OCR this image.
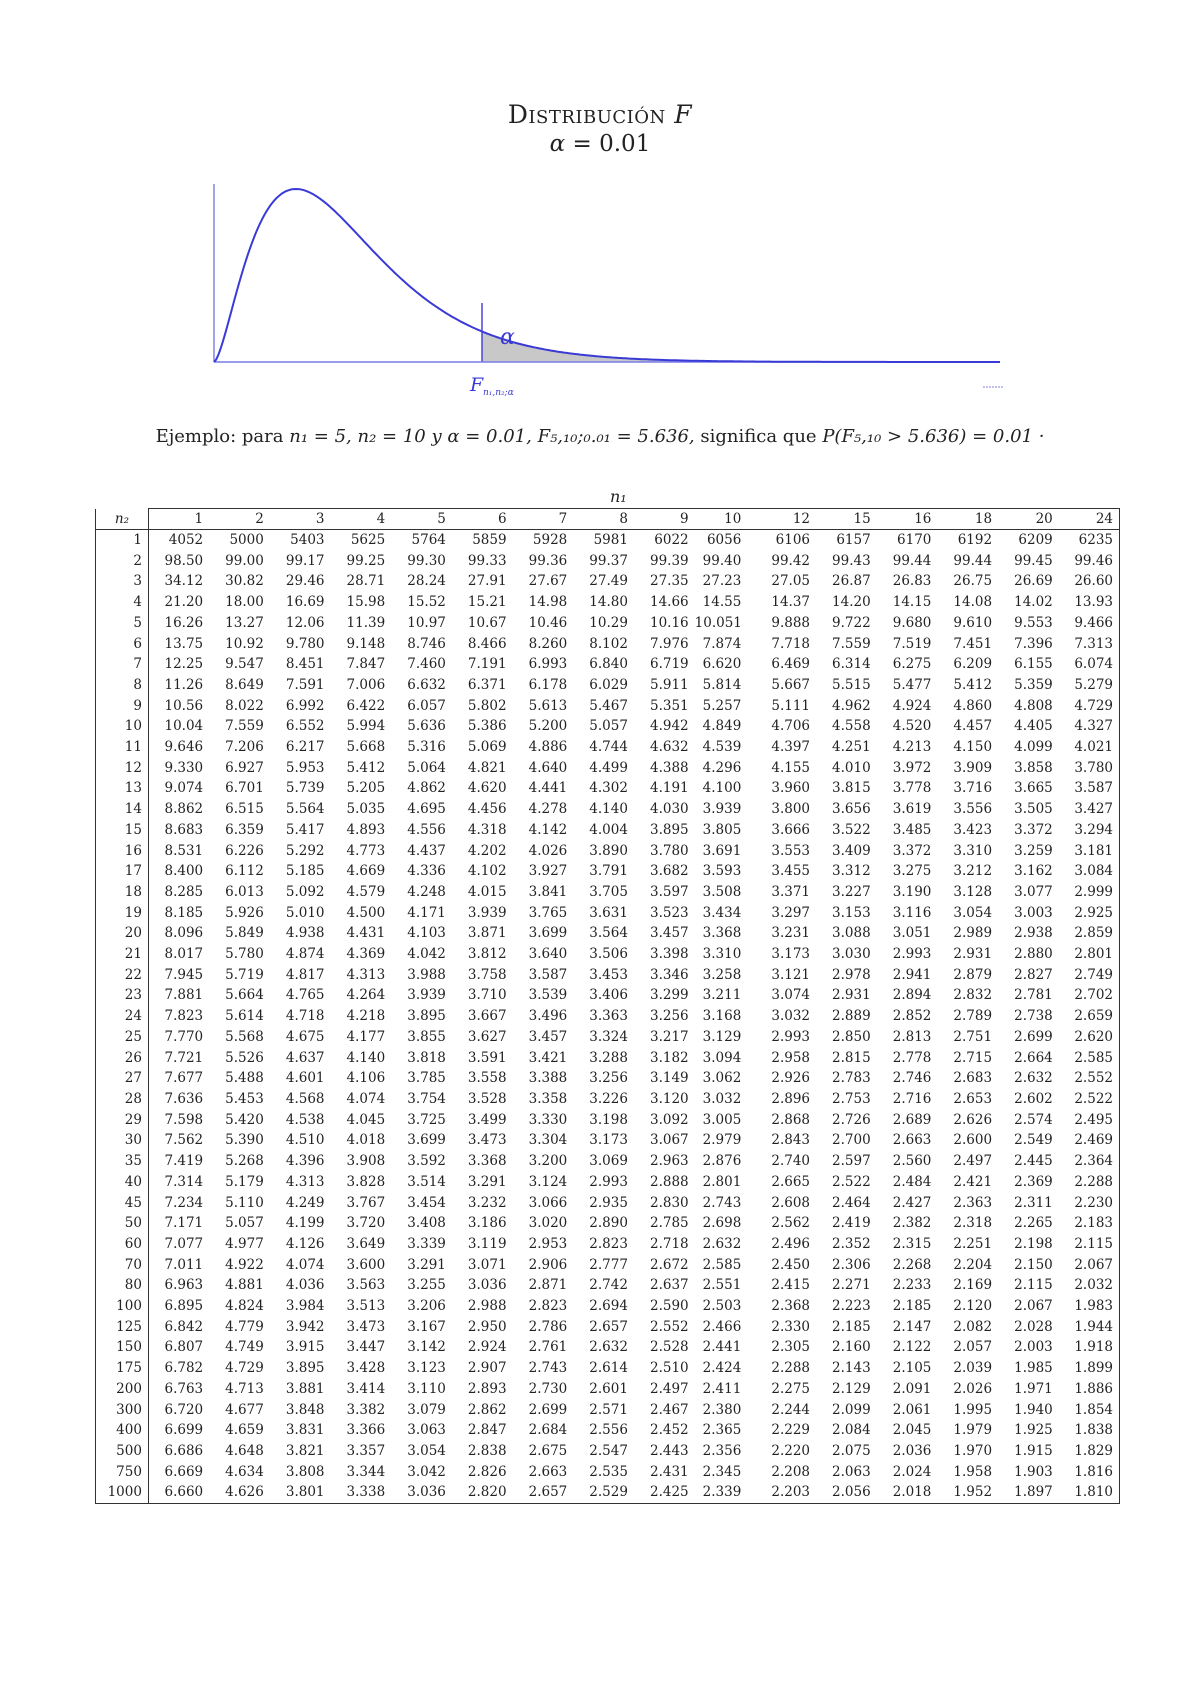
Distribución F
α = 0.01
α
F n₁,n₂;α
Ejemplo: para n₁ = 5, n₂ = 10 y α = 0.01, F₅,₁₀;₀.₀₁ = 5.636, significa que P(F₅,₁₀ > 5.636) = 0.01 ·
n₁
n₂	1	2	3	4	5	6	7	8	9	10	12	15	16	18	20	24
1	4052	5000	5403	5625	5764	5859	5928	5981	6022	6056	6106	6157	6170	6192	6209	6235
2	98.50	99.00	99.17	99.25	99.30	99.33	99.36	99.37	99.39	99.40	99.42	99.43	99.44	99.44	99.45	99.46
3	34.12	30.82	29.46	28.71	28.24	27.91	27.67	27.49	27.35	27.23	27.05	26.87	26.83	26.75	26.69	26.60
4	21.20	18.00	16.69	15.98	15.52	15.21	14.98	14.80	14.66	14.55	14.37	14.20	14.15	14.08	14.02	13.93
5	16.26	13.27	12.06	11.39	10.97	10.67	10.46	10.29	10.16	10.051	9.888	9.722	9.680	9.610	9.553	9.466
6	13.75	10.92	9.780	9.148	8.746	8.466	8.260	8.102	7.976	7.874	7.718	7.559	7.519	7.451	7.396	7.313
7	12.25	9.547	8.451	7.847	7.460	7.191	6.993	6.840	6.719	6.620	6.469	6.314	6.275	6.209	6.155	6.074
8	11.26	8.649	7.591	7.006	6.632	6.371	6.178	6.029	5.911	5.814	5.667	5.515	5.477	5.412	5.359	5.279
9	10.56	8.022	6.992	6.422	6.057	5.802	5.613	5.467	5.351	5.257	5.111	4.962	4.924	4.860	4.808	4.729
10	10.04	7.559	6.552	5.994	5.636	5.386	5.200	5.057	4.942	4.849	4.706	4.558	4.520	4.457	4.405	4.327
11	9.646	7.206	6.217	5.668	5.316	5.069	4.886	4.744	4.632	4.539	4.397	4.251	4.213	4.150	4.099	4.021
12	9.330	6.927	5.953	5.412	5.064	4.821	4.640	4.499	4.388	4.296	4.155	4.010	3.972	3.909	3.858	3.780
13	9.074	6.701	5.739	5.205	4.862	4.620	4.441	4.302	4.191	4.100	3.960	3.815	3.778	3.716	3.665	3.587
14	8.862	6.515	5.564	5.035	4.695	4.456	4.278	4.140	4.030	3.939	3.800	3.656	3.619	3.556	3.505	3.427
15	8.683	6.359	5.417	4.893	4.556	4.318	4.142	4.004	3.895	3.805	3.666	3.522	3.485	3.423	3.372	3.294
16	8.531	6.226	5.292	4.773	4.437	4.202	4.026	3.890	3.780	3.691	3.553	3.409	3.372	3.310	3.259	3.181
17	8.400	6.112	5.185	4.669	4.336	4.102	3.927	3.791	3.682	3.593	3.455	3.312	3.275	3.212	3.162	3.084
18	8.285	6.013	5.092	4.579	4.248	4.015	3.841	3.705	3.597	3.508	3.371	3.227	3.190	3.128	3.077	2.999
19	8.185	5.926	5.010	4.500	4.171	3.939	3.765	3.631	3.523	3.434	3.297	3.153	3.116	3.054	3.003	2.925
20	8.096	5.849	4.938	4.431	4.103	3.871	3.699	3.564	3.457	3.368	3.231	3.088	3.051	2.989	2.938	2.859
21	8.017	5.780	4.874	4.369	4.042	3.812	3.640	3.506	3.398	3.310	3.173	3.030	2.993	2.931	2.880	2.801
22	7.945	5.719	4.817	4.313	3.988	3.758	3.587	3.453	3.346	3.258	3.121	2.978	2.941	2.879	2.827	2.749
23	7.881	5.664	4.765	4.264	3.939	3.710	3.539	3.406	3.299	3.211	3.074	2.931	2.894	2.832	2.781	2.702
24	7.823	5.614	4.718	4.218	3.895	3.667	3.496	3.363	3.256	3.168	3.032	2.889	2.852	2.789	2.738	2.659
25	7.770	5.568	4.675	4.177	3.855	3.627	3.457	3.324	3.217	3.129	2.993	2.850	2.813	2.751	2.699	2.620
26	7.721	5.526	4.637	4.140	3.818	3.591	3.421	3.288	3.182	3.094	2.958	2.815	2.778	2.715	2.664	2.585
27	7.677	5.488	4.601	4.106	3.785	3.558	3.388	3.256	3.149	3.062	2.926	2.783	2.746	2.683	2.632	2.552
28	7.636	5.453	4.568	4.074	3.754	3.528	3.358	3.226	3.120	3.032	2.896	2.753	2.716	2.653	2.602	2.522
29	7.598	5.420	4.538	4.045	3.725	3.499	3.330	3.198	3.092	3.005	2.868	2.726	2.689	2.626	2.574	2.495
30	7.562	5.390	4.510	4.018	3.699	3.473	3.304	3.173	3.067	2.979	2.843	2.700	2.663	2.600	2.549	2.469
35	7.419	5.268	4.396	3.908	3.592	3.368	3.200	3.069	2.963	2.876	2.740	2.597	2.560	2.497	2.445	2.364
40	7.314	5.179	4.313	3.828	3.514	3.291	3.124	2.993	2.888	2.801	2.665	2.522	2.484	2.421	2.369	2.288
45	7.234	5.110	4.249	3.767	3.454	3.232	3.066	2.935	2.830	2.743	2.608	2.464	2.427	2.363	2.311	2.230
50	7.171	5.057	4.199	3.720	3.408	3.186	3.020	2.890	2.785	2.698	2.562	2.419	2.382	2.318	2.265	2.183
60	7.077	4.977	4.126	3.649	3.339	3.119	2.953	2.823	2.718	2.632	2.496	2.352	2.315	2.251	2.198	2.115
70	7.011	4.922	4.074	3.600	3.291	3.071	2.906	2.777	2.672	2.585	2.450	2.306	2.268	2.204	2.150	2.067
80	6.963	4.881	4.036	3.563	3.255	3.036	2.871	2.742	2.637	2.551	2.415	2.271	2.233	2.169	2.115	2.032
100	6.895	4.824	3.984	3.513	3.206	2.988	2.823	2.694	2.590	2.503	2.368	2.223	2.185	2.120	2.067	1.983
125	6.842	4.779	3.942	3.473	3.167	2.950	2.786	2.657	2.552	2.466	2.330	2.185	2.147	2.082	2.028	1.944
150	6.807	4.749	3.915	3.447	3.142	2.924	2.761	2.632	2.528	2.441	2.305	2.160	2.122	2.057	2.003	1.918
175	6.782	4.729	3.895	3.428	3.123	2.907	2.743	2.614	2.510	2.424	2.288	2.143	2.105	2.039	1.985	1.899
200	6.763	4.713	3.881	3.414	3.110	2.893	2.730	2.601	2.497	2.411	2.275	2.129	2.091	2.026	1.971	1.886
300	6.720	4.677	3.848	3.382	3.079	2.862	2.699	2.571	2.467	2.380	2.244	2.099	2.061	1.995	1.940	1.854
400	6.699	4.659	3.831	3.366	3.063	2.847	2.684	2.556	2.452	2.365	2.229	2.084	2.045	1.979	1.925	1.838
500	6.686	4.648	3.821	3.357	3.054	2.838	2.675	2.547	2.443	2.356	2.220	2.075	2.036	1.970	1.915	1.829
750	6.669	4.634	3.808	3.344	3.042	2.826	2.663	2.535	2.431	2.345	2.208	2.063	2.024	1.958	1.903	1.816
1000	6.660	4.626	3.801	3.338	3.036	2.820	2.657	2.529	2.425	2.339	2.203	2.056	2.018	1.952	1.897	1.810
